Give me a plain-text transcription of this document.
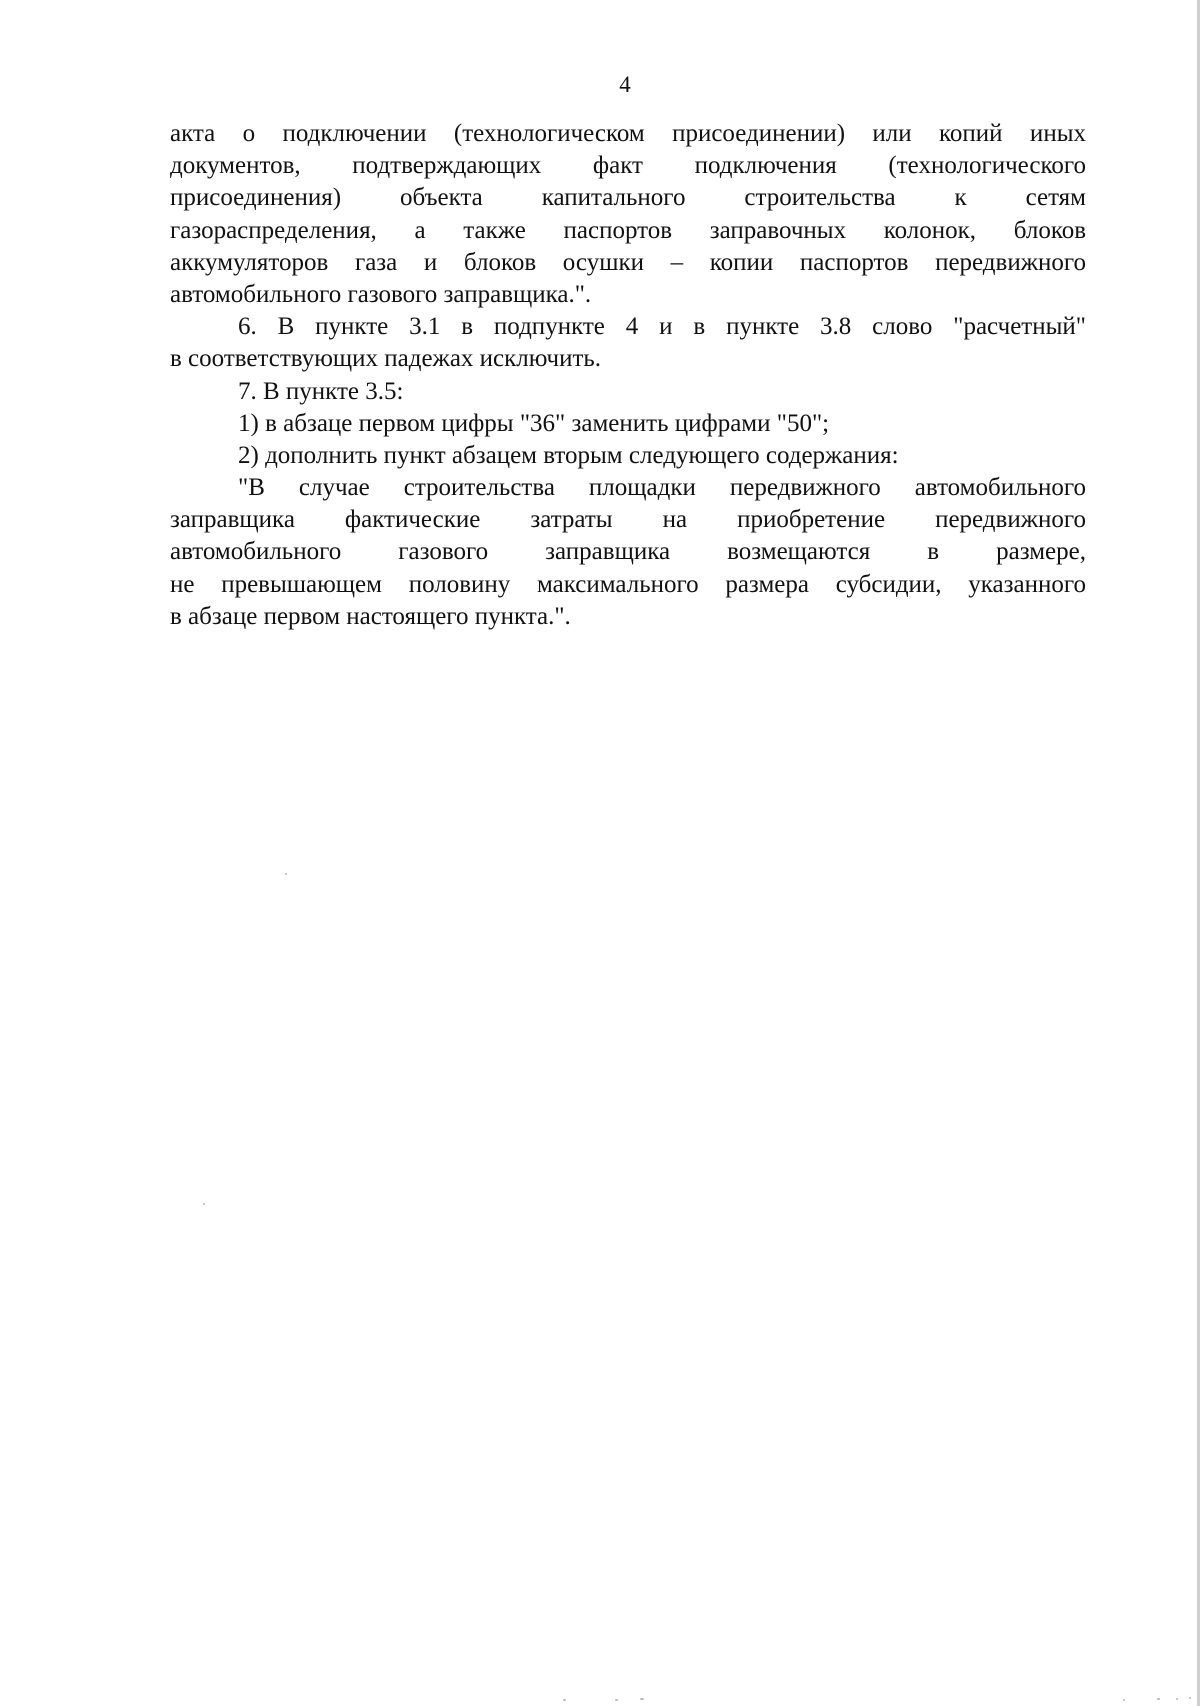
4
акта о подключении (технологическом присоединении) или копий иных
документов, подтверждающих факт подключения (технологического
присоединения) объекта капитального строительства к сетям
газораспределения, а также паспортов заправочных колонок, блоков
аккумуляторов газа и блоков осушки – копии паспортов передвижного
автомобильного газового заправщика.".
6. В пункте 3.1 в подпункте 4 и в пункте 3.8 слово "расчетный"
в соответствующих падежах исключить.
7. В пункте 3.5:
1) в абзаце первом цифры "36" заменить цифрами "50";
2) дополнить пункт абзацем вторым следующего содержания:
"В случае строительства площадки передвижного автомобильного
заправщика фактические затраты на приобретение передвижного
автомобильного газового заправщика возмещаются в размере,
не превышающем половину максимального размера субсидии, указанного
в абзаце первом настоящего пункта.".
